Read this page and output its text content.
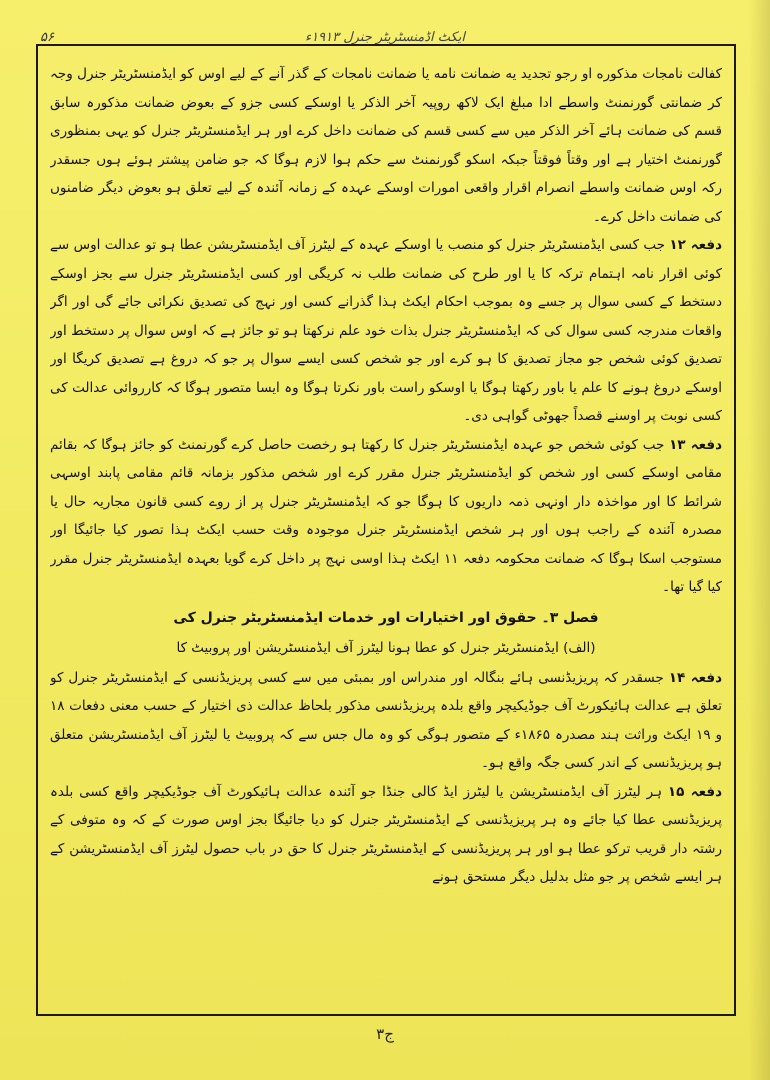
۵۶	ایکٹ اڈمنسٹریٹر جنرل ۱۹۱۳ء

کفالت نامجات مذکوره او رجو تجدید یه ضمانت نامه یا ضمانت نامجات کے گذر آنے کے لیے اوس کو ایڈمنسٹریٹر جنرل وجہ کر ضمانتی گورنمنٹ واسطے ادا مبلغ ایک لاکھ روپیہ آخر الذکر یا اوسکے کسی جزو کے بعوض ضمانت مذکورہ سابق قسم کی ضمانت ہائے آخر الذکر میں سے کسی قسم کی ضمانت داخل کرے اور ہر ایڈمنسٹریٹر جنرل کو یہی بمنظوری گورنمنٹ اختیار ہے اور وقتاً فوقتاً جبکہ اسکو گورنمنٹ سے حکم ہوا لازم ہوگا کہ جو ضامن پیشتر ہوئے ہوں جسقدر رکہ اوس ضمانت واسطے انصرام اقرار واقعی امورات اوسکے عہدہ کے زمانہ آئندہ کے لیے تعلق ہو بعوض دیگر ضامنوں کی ضمانت داخل کرے۔

دفعہ ۱۲ جب کسی ایڈمنسٹریٹر جنرل کو منصب یا اوسکے عہدہ کے لیٹرز آف ایڈمنسٹریشن عطا ہو تو عدالت اوس سے کوئی اقرار نامہ اہتمام ترکہ کا یا اور طرح کی ضمانت طلب نہ کریگی اور کسی ایڈمنسٹریٹر جنرل سے بجز اوسکے دستخط کے کسی سوال پر جسے وہ بموجب احکام ایکٹ ہذا گذرانے کسی اور نہج کی تصدیق نکرائی جائے گی اور اگر واقعات مندرجہ کسی سوال کی کہ ایڈمنسٹریٹر جنرل بذات خود علم نرکھتا ہو تو جائز ہے کہ اوس سوال پر دستخط اور تصدیق کوئی شخص جو مجاز تصدیق کا ہو کرے اور جو شخص کسی ایسے سوال پر جو کہ دروغ ہے تصدیق کریگا اور اوسکے دروغ ہونے کا علم یا باور رکھتا ہوگا یا اوسکو راست باور نکرتا ہوگا وہ ایسا متصور ہوگا کہ کارروائی عدالت کی کسی نوبت پر اوسنے قصداً جھوٹی گواہی دی۔

دفعہ ۱۳ جب کوئی شخص جو عہدہ ایڈمنسٹریٹر جنرل کا رکھتا ہو رخصت حاصل کرے گورنمنٹ کو جائز ہوگا کہ بقائم مقامی اوسکے کسی اور شخص کو ایڈمنسٹریٹر جنرل مقرر کرے اور شخص مذکور بزمانہ قائم مقامی پابند اوسہی شرائط کا اور مواخذہ دار اونہی ذمہ داریوں کا ہوگا جو کہ ایڈمنسٹریٹر جنرل پر از روے کسی قانون مجاریہ حال یا مصدرہ آئندہ کے راجب ہوں اور ہر شخص ایڈمنسٹریٹر جنرل موجودہ وقت حسب ایکٹ ہذا تصور کیا جائیگا اور مستوجب اسکا ہوگا کہ ضمانت محکومہ دفعہ ۱۱ ایکٹ ہذا اوسی نہج پر داخل کرے گویا بعہدہ ایڈمنسٹریٹر جنرل مقرر کیا گیا تھا۔

فصل ۳۔ حقوق اور اختیارات اور خدمات ایڈمنسٹریٹر جنرل کی
(الف) ایڈمنسٹریٹر جنرل کو عطا ہونا لیٹرز آف ایڈمنسٹریشن اور پروبیٹ کا

دفعہ ۱۴ جسقدر کہ پریزیڈنسی ہائے بنگالہ اور مندراس اور بمبئی میں سے کسی پریزیڈنسی کے ایڈمنسٹریٹر جنرل کو تعلق ہے عدالت ہائیکورٹ آف جوڈیکیچر واقع بلدہ پریزیڈنسی مذکور بلحاظ عدالت ذی اختیار کے حسب معنی دفعات ۱۸ و ۱۹ ایکٹ وراثت ہند مصدرہ ۱۸۶۵ء کے متصور ہوگی کو وہ مال جس سے کہ پروبیٹ یا لیٹرز آف ایڈمنسٹریشن متعلق ہو پریزیڈنسی کے اندر کسی جگہ واقع ہو۔

دفعہ ۱۵ ہر لیٹرز آف ایڈمنسٹریشن یا لیٹرز ایڈ کالی جنڈا جو آئندہ عدالت ہائیکورٹ آف جوڈیکیچر واقع کسی بلدہ پریزیڈنسی عطا کیا جائے وہ ہر پریزیڈنسی کے ایڈمنسٹریٹر جنرل کو دیا جائیگا بجز اوس صورت کے کہ وہ متوفی کے رشتہ دار قریب ترکو عطا ہو اور ہر پریزیڈنسی کے ایڈمنسٹریٹر جنرل کا حق در باب حصول لیٹرز آف ایڈمنسٹریشن کے ہر ایسے شخص پر جو مثل بدلیل دیگر مستحق ہونے

۳ج
